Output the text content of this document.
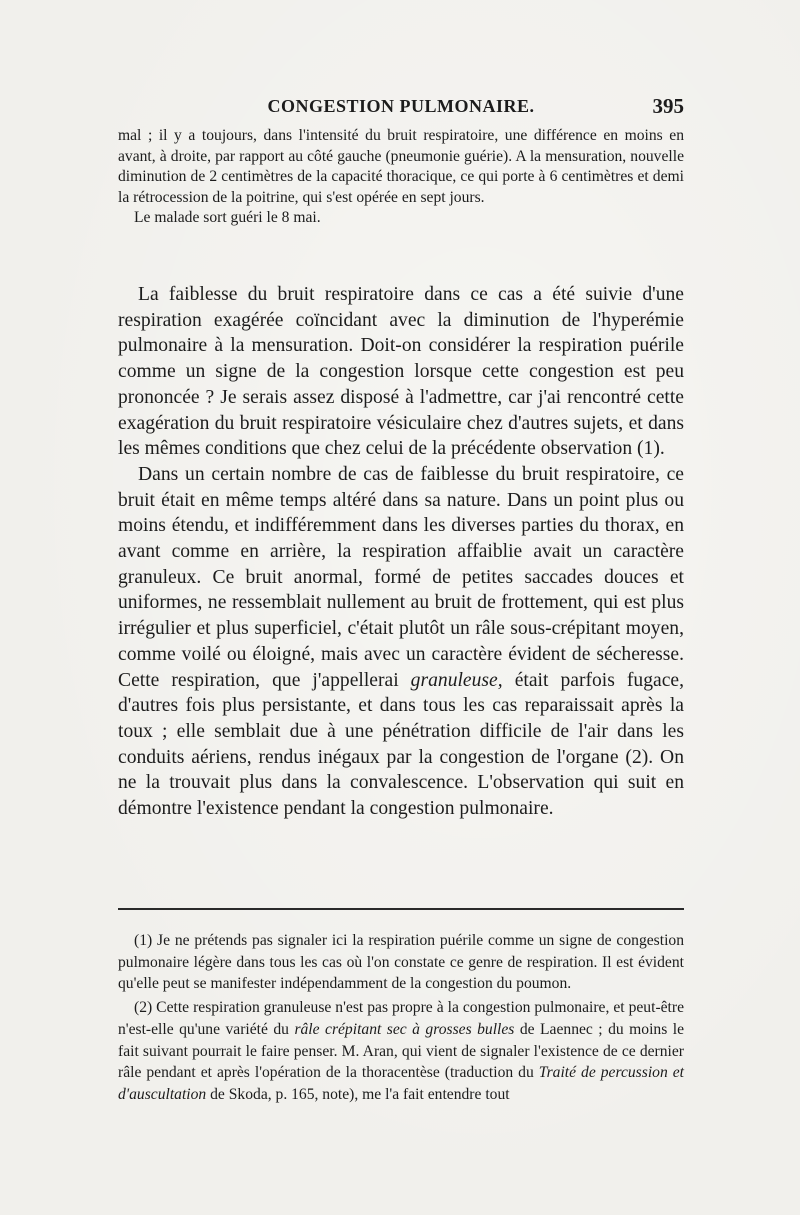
CONGESTION PULMONAIRE.	395

mal ; il y a toujours, dans l'intensité du bruit respiratoire, une différence en moins en avant, à droite, par rapport au côté gauche (pneumonie guérie). A la mensuration, nouvelle diminution de 2 centimètres de la capacité thoracique, ce qui porte à 6 centimètres et demi la rétrocession de la poitrine, qui s'est opérée en sept jours.

Le malade sort guéri le 8 mai.

La faiblesse du bruit respiratoire dans ce cas a été suivie d'une respiration exagérée coïncidant avec la diminution de l'hyperémie pulmonaire à la mensuration. Doit-on considérer la respiration puérile comme un signe de la congestion lorsque cette congestion est peu prononcée ? Je serais assez disposé à l'admettre, car j'ai rencontré cette exagération du bruit respiratoire vésiculaire chez d'autres sujets, et dans les mêmes conditions que chez celui de la précédente observation (1).

Dans un certain nombre de cas de faiblesse du bruit respiratoire, ce bruit était en même temps altéré dans sa nature. Dans un point plus ou moins étendu, et indifféremment dans les diverses parties du thorax, en avant comme en arrière, la respiration affaiblie avait un caractère granuleux. Ce bruit anormal, formé de petites saccades douces et uniformes, ne ressemblait nullement au bruit de frottement, qui est plus irrégulier et plus superficiel, c'était plutôt un râle sous-crépitant moyen, comme voilé ou éloigné, mais avec un caractère évident de sécheresse. Cette respiration, que j'appellerai granuleuse, était parfois fugace, d'autres fois plus persistante, et dans tous les cas reparaissait après la toux ; elle semblait due à une pénétration difficile de l'air dans les conduits aériens, rendus inégaux par la congestion de l'organe (2). On ne la trouvait plus dans la convalescence. L'observation qui suit en démontre l'existence pendant la congestion pulmonaire.

(1) Je ne prétends pas signaler ici la respiration puérile comme un signe de congestion pulmonaire légère dans tous les cas où l'on constate ce genre de respiration. Il est évident qu'elle peut se manifester indépendamment de la congestion du poumon.

(2) Cette respiration granuleuse n'est pas propre à la congestion pulmonaire, et peut-être n'est-elle qu'une variété du râle crépitant sec à grosses bulles de Laennec ; du moins le fait suivant pourrait le faire penser. M. Aran, qui vient de signaler l'existence de ce dernier râle pendant et après l'opération de la thoracentèse (traduction du Traité de percussion et d'auscultation de Skoda, p. 165, note), me l'a fait entendre tout
